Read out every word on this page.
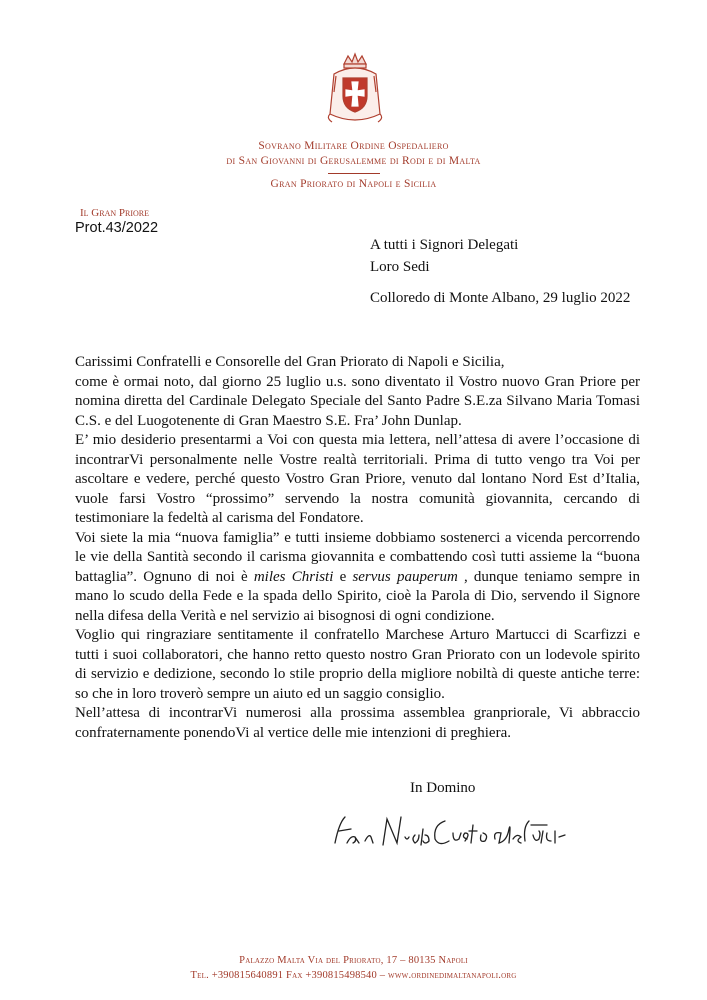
Sovrano Militare Ordine Ospedaliero
di San Giovanni di Gerusalemme di Rodi e di Malta
Gran Priorato di Napoli e Sicilia
Il Gran Priore
Prot.43/2022
A tutti i Signori Delegati
Loro Sedi
Colloredo di Monte Albano, 29 luglio 2022

Carissimi Confratelli e Consorelle del Gran Priorato di Napoli e Sicilia,

come è ormai noto, dal giorno 25 luglio u.s. sono diventato il Vostro nuovo Gran Priore per nomina diretta del Cardinale Delegato Speciale del Santo Padre S.E.za Silvano Maria Tomasi C.S. e del Luogotenente di Gran Maestro S.E. Fra’ John Dunlap.

E’ mio desiderio presentarmi a Voi con questa mia lettera, nell’attesa di avere l’occasione di incontrarVi personalmente nelle Vostre realtà territoriali. Prima di tutto vengo tra Voi per ascoltare e vedere, perché questo Vostro Gran Priore, venuto dal lontano Nord Est d’Italia, vuole farsi Vostro “prossimo” servendo la nostra comunità giovannita, cercando di testimoniare la fedeltà al carisma del Fondatore.

Voi siete la mia “nuova famiglia” e tutti insieme dobbiamo sostenerci a vicenda percorrendo le vie della Santità secondo il carisma giovannita e combattendo così tutti assieme la “buona battaglia”. Ognuno di noi è miles Christi e servus pauperum , dunque teniamo sempre in mano lo scudo della Fede e la spada dello Spirito, cioè la Parola di Dio, servendo il Signore nella difesa della Verità e nel servizio ai bisognosi di ogni condizione.

Voglio qui ringraziare sentitamente il confratello Marchese Arturo Martucci di Scarfizzi e tutti i suoi collaboratori, che hanno retto questo nostro Gran Priorato con un lodevole spirito di servizio e dedizione, secondo lo stile proprio della migliore nobiltà di queste antiche terre: so che in loro troverò sempre un aiuto ed un saggio consiglio.

Nell’attesa di incontrarVi numerosi alla prossima assemblea granpriorale, Vi abbraccio confraternamente ponendoVi al vertice delle mie intenzioni di preghiera.

In Domino
Palazzo Malta Via del Priorato, 17 – 80135 Napoli
Tel. +390815640891 Fax +390815498540 – www.ordinedimaltanapoli.org
